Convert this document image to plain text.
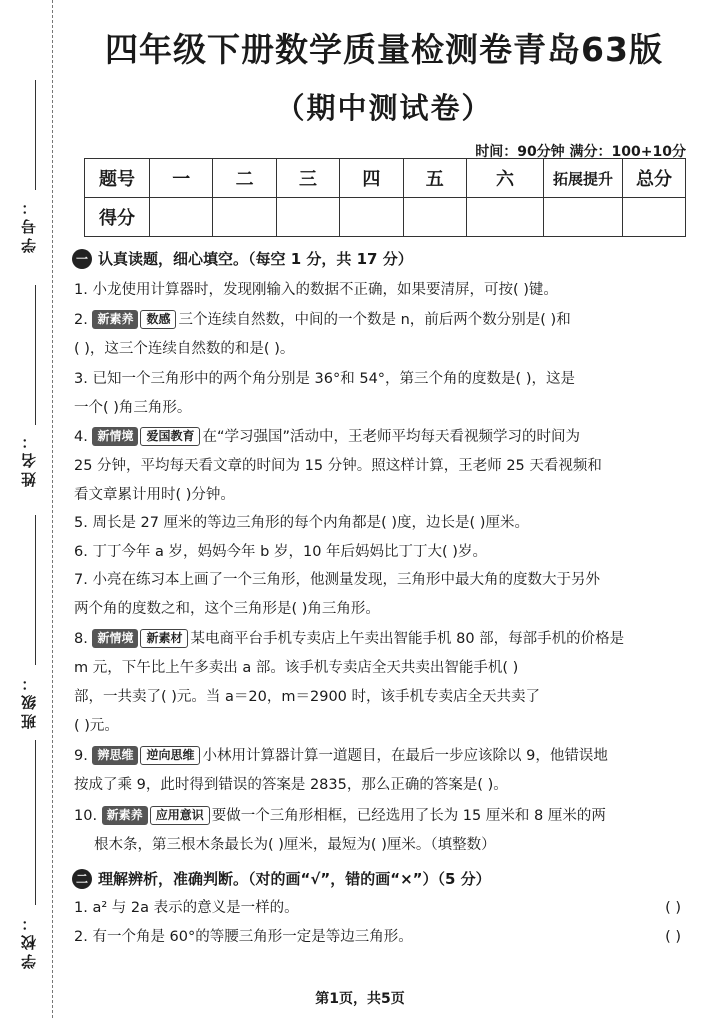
学号：
姓名：
班级：
学校：
四年级下册数学质量检测卷青岛63版
（期中测试卷）
时间：90分钟 满分：100+10分
题号	一	二	三	四	五	六	拓展提升	总分
得分								
一 认真读题，细心填空。（每空 1 分，共 17 分）

1. 小龙使用计算器时，发现刚输入的数据不正确，如果要清屏，可按( )键。

2. 新素养 数感 三个连续自然数，中间的一个数是 n，前后两个数分别是( )和

( )，这三个连续自然数的和是( )。

3. 已知一个三角形中的两个角分别是 36°和 54°，第三个角的度数是( )，这是

一个( )角三角形。

4. 新情境 爱国教育 在“学习强国”活动中，王老师平均每天看视频学习的时间为

25 分钟，平均每天看文章的时间为 15 分钟。照这样计算，王老师 25 天看视频和

看文章累计用时( )分钟。

5. 周长是 27 厘米的等边三角形的每个内角都是( )度，边长是( )厘米。

6. 丁丁今年 a 岁，妈妈今年 b 岁，10 年后妈妈比丁丁大( )岁。

7. 小亮在练习本上画了一个三角形，他测量发现，三角形中最大角的度数大于另外

两个角的度数之和，这个三角形是( )角三角形。

8. 新情境 新素材 某电商平台手机专卖店上午卖出智能手机 80 部，每部手机的价格是

m 元，下午比上午多卖出 a 部。该手机专卖店全天共卖出智能手机( )

部，一共卖了( )元。当 a＝20，m＝2900 时，该手机专卖店全天共卖了

( )元。

9. 辨思维 逆向思维 小林用计算器计算一道题目，在最后一步应该除以 9，他错误地

按成了乘 9，此时得到错误的答案是 2835，那么正确的答案是( )。

10. 新素养 应用意识 要做一个三角形相框，已经选用了长为 15 厘米和 8 厘米的两

根木条，第三根木条最长为( )厘米，最短为( )厘米。（填整数）

二 理解辨析，准确判断。（对的画“√”，错的画“×”）（5 分）

1. a² 与 2a 表示的意义是一样的。	( )

2. 有一个角是 60°的等腰三角形一定是等边三角形。	( )

第1页，共5页
